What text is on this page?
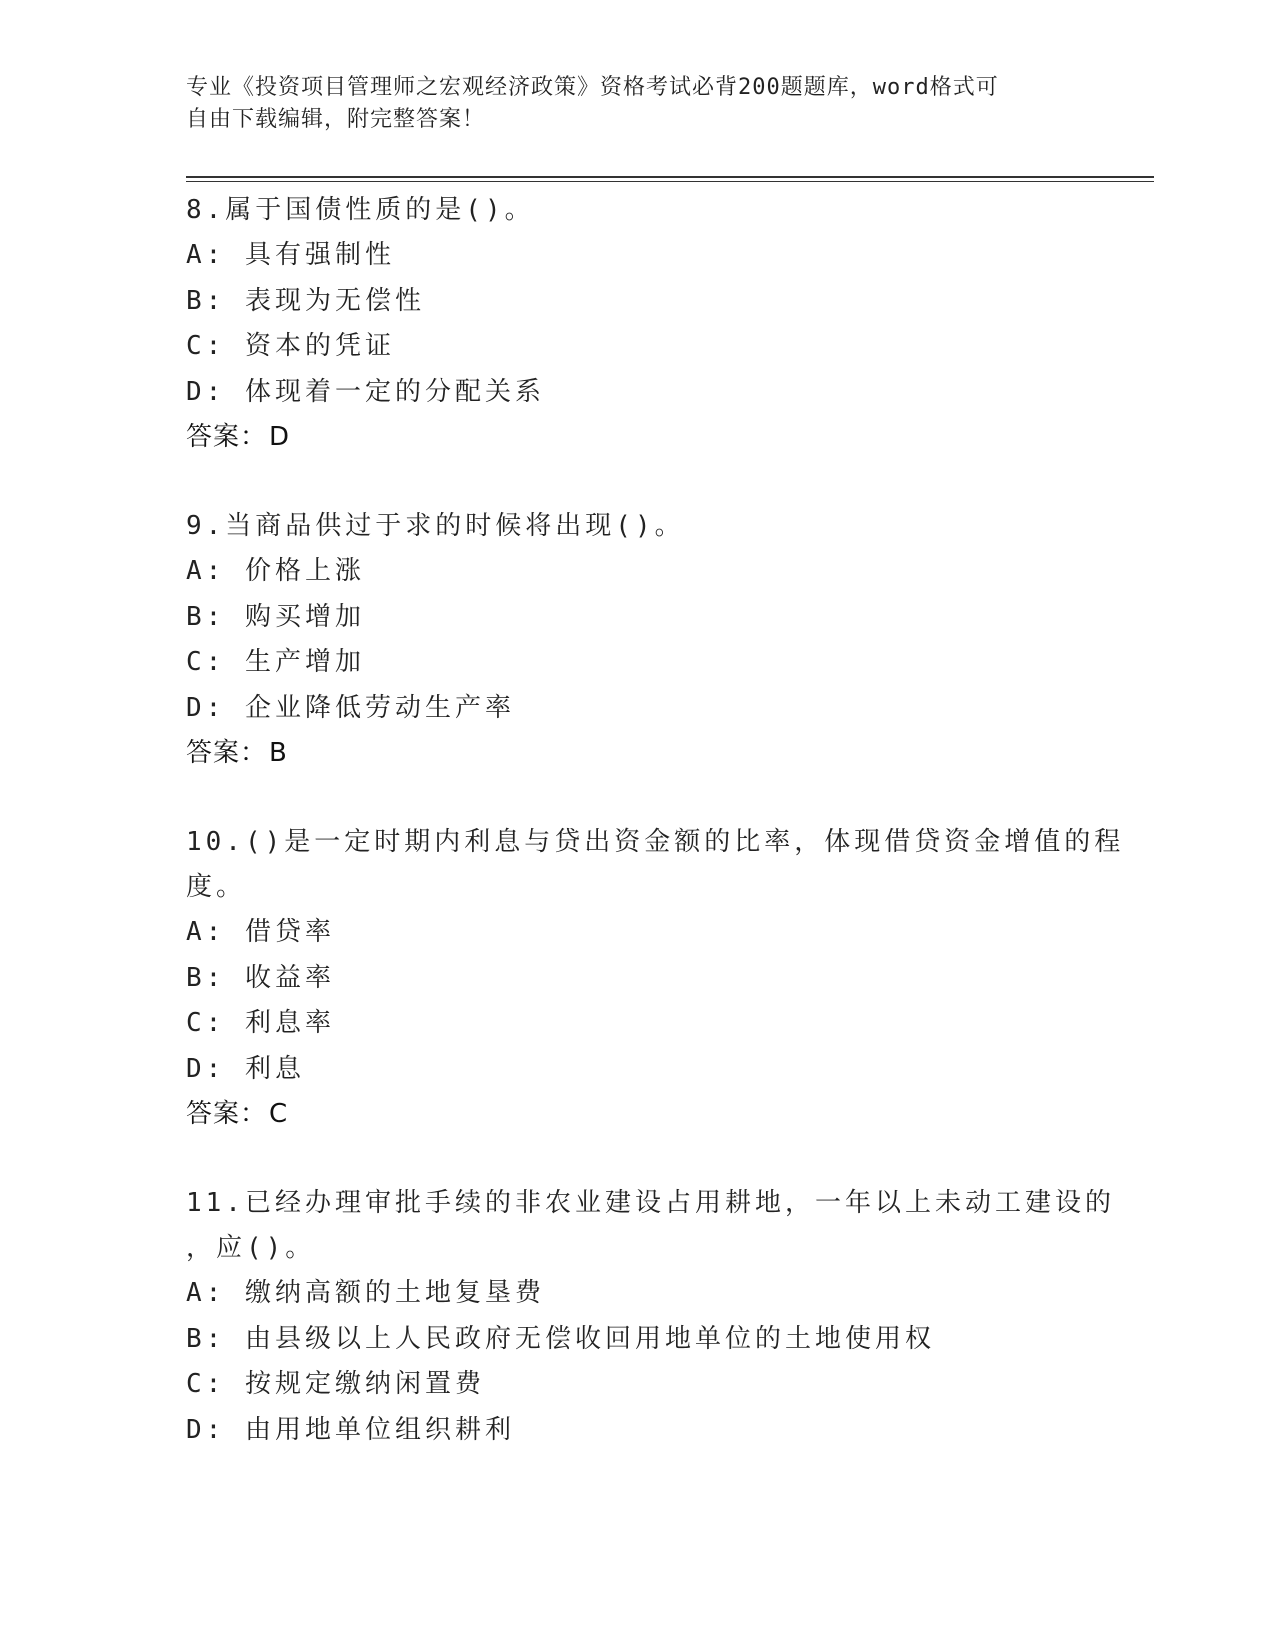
专业《投资项目管理师之宏观经济政策》资格考试必背200题题库，word格式可
自由下载编辑，附完整答案！
8.属于国债性质的是()。
A: 具有强制性
B: 表现为无偿性
C: 资本的凭证
D: 体现着一定的分配关系
答案：D
9.当商品供过于求的时候将出现()。
A: 价格上涨
B: 购买增加
C: 生产增加
D: 企业降低劳动生产率
答案：B
10.()是一定时期内利息与贷出资金额的比率，体现借贷资金增值的程
度。
A: 借贷率
B: 收益率
C: 利息率
D: 利息
答案：C
11.已经办理审批手续的非农业建设占用耕地，一年以上未动工建设的
，应()。
A: 缴纳高额的土地复垦费
B: 由县级以上人民政府无偿收回用地单位的土地使用权
C: 按规定缴纳闲置费
D: 由用地单位组织耕利
